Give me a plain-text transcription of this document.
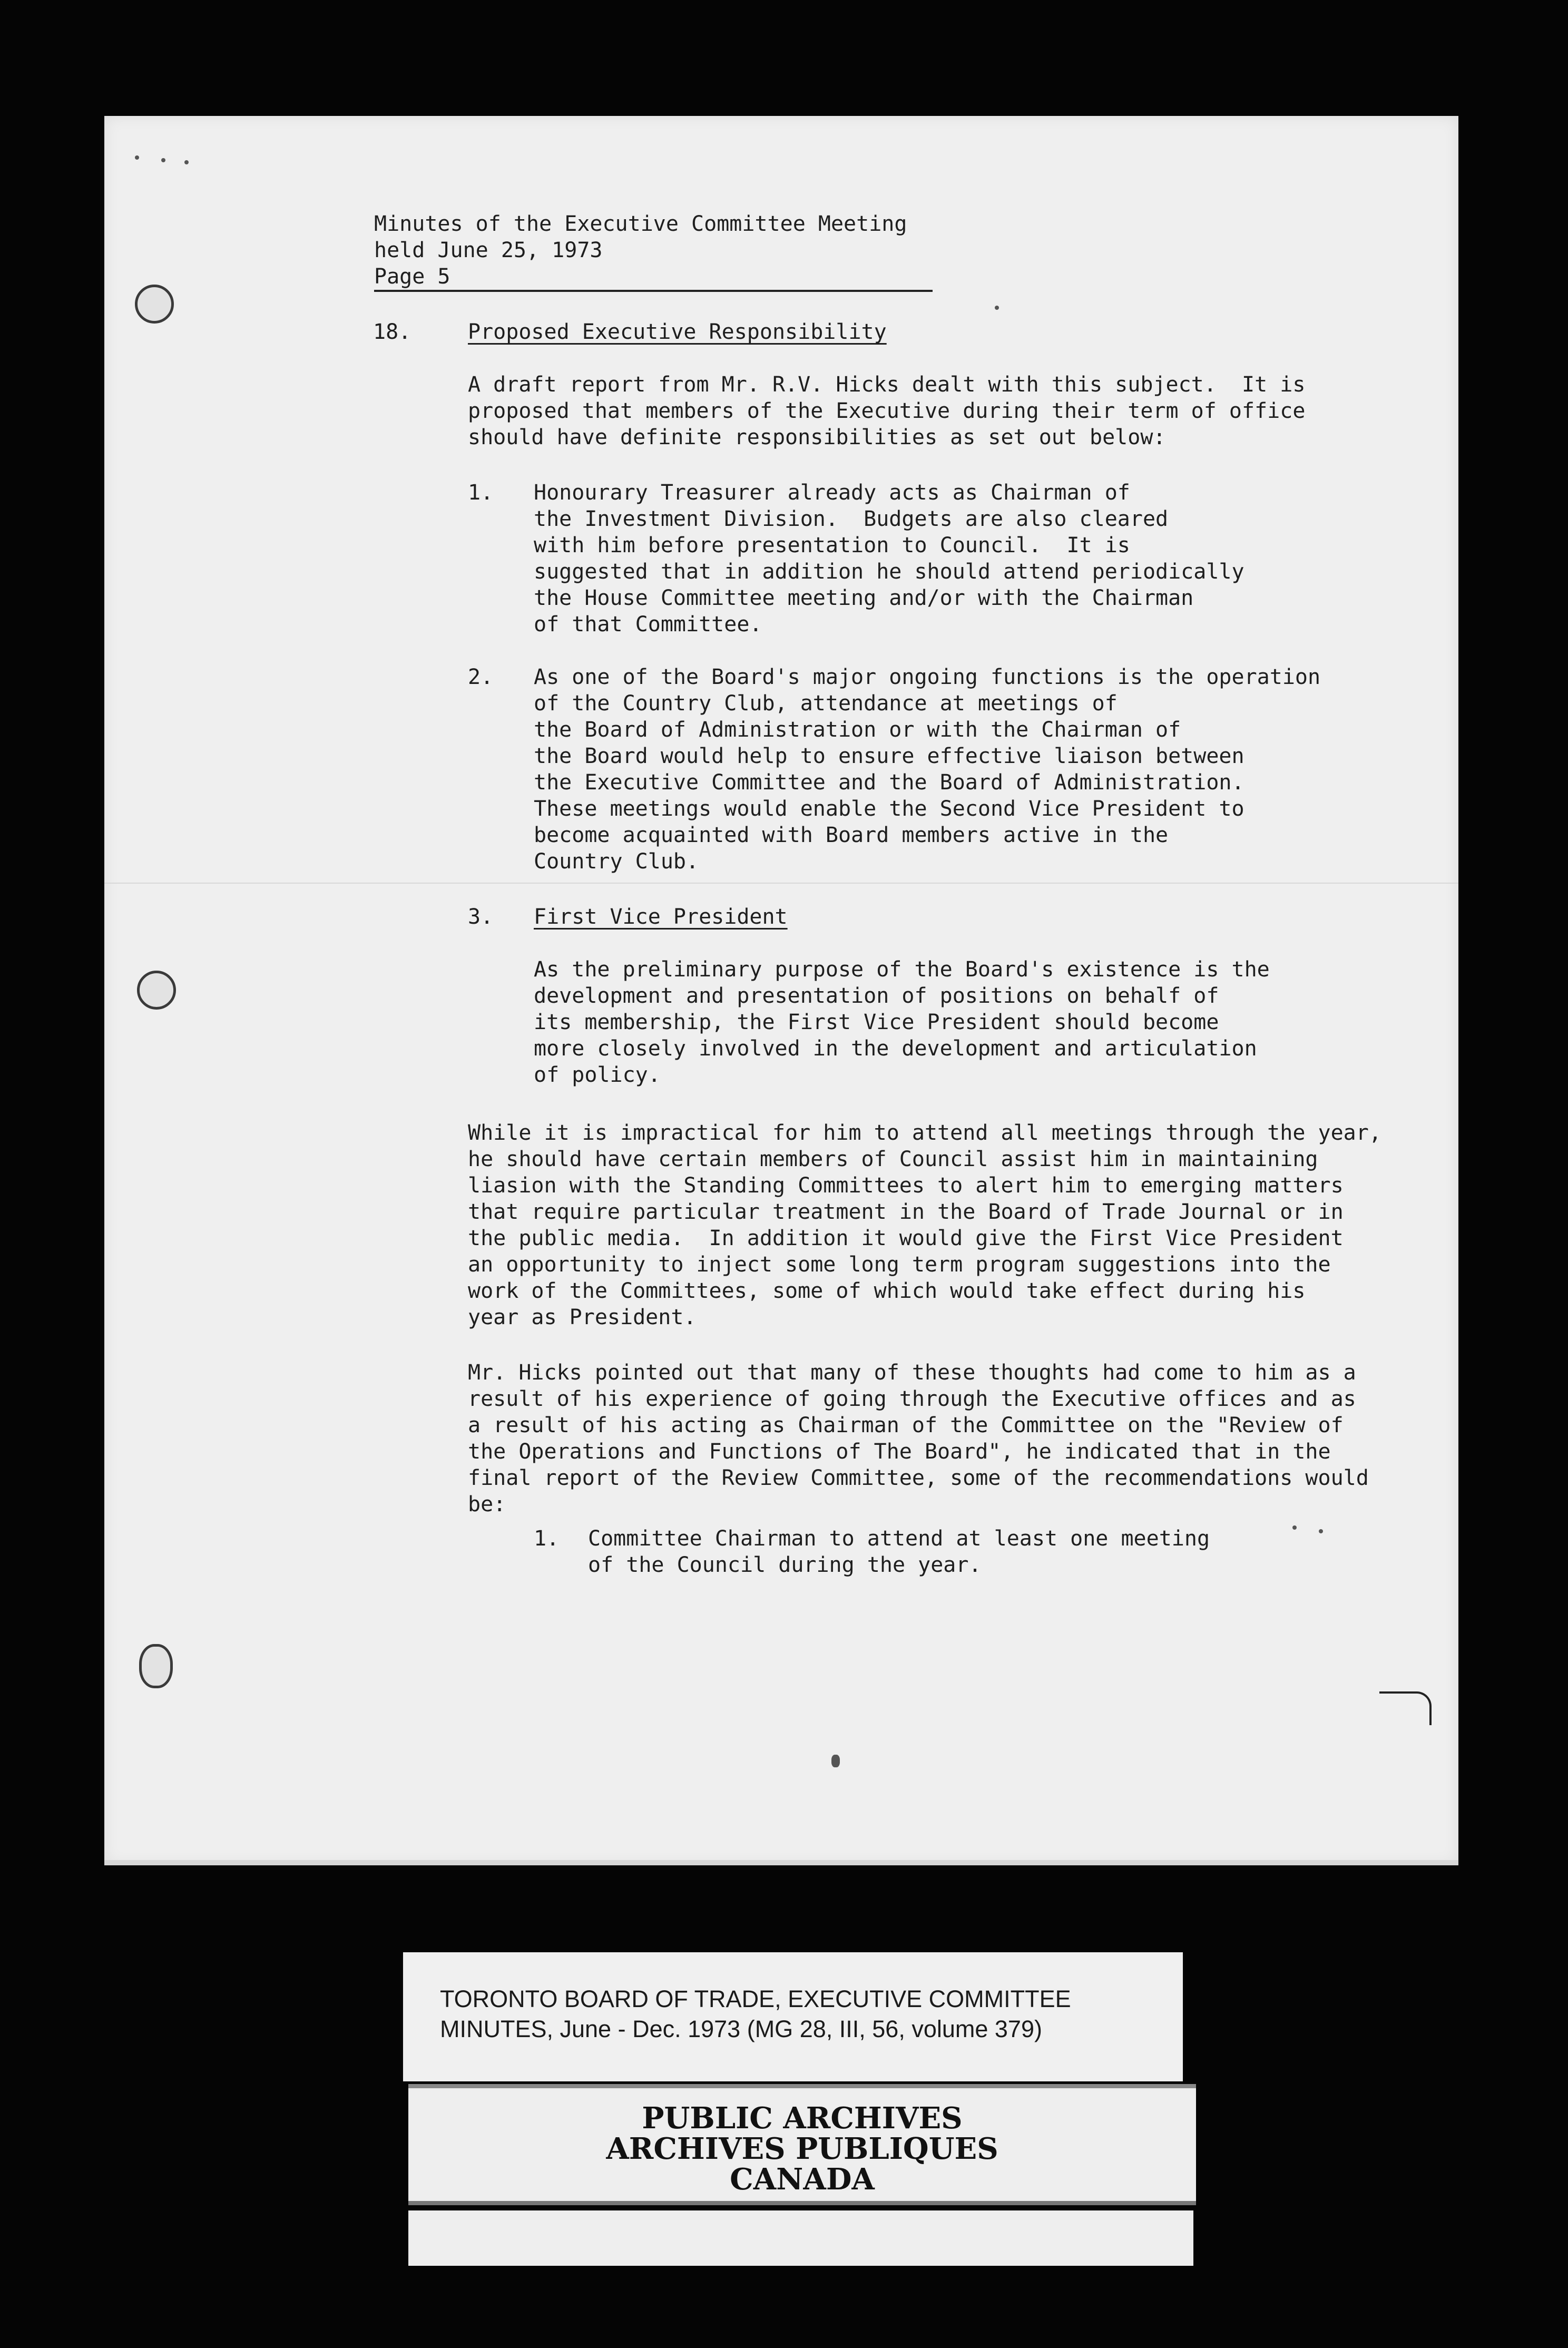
Minutes of the Executive Committee Meeting
held June 25, 1973
Page 5
18.	Proposed Executive Responsibility
A draft report from Mr. R.V. Hicks dealt with this subject.  It is
proposed that members of the Executive during their term of office
should have definite responsibilities as set out below:
1. Honourary Treasurer already acts as Chairman of
the Investment Division.  Budgets are also cleared
with him before presentation to Council.  It is
suggested that in addition he should attend periodically
the House Committee meeting and/or with the Chairman
of that Committee.
2. As one of the Board's major ongoing functions is the operation
of the Country Club, attendance at meetings of
the Board of Administration or with the Chairman of
the Board would help to ensure effective liaison between
the Executive Committee and the Board of Administration.
These meetings would enable the Second Vice President to
become acquainted with Board members active in the
Country Club.
3. First Vice President
As the preliminary purpose of the Board's existence is the
development and presentation of positions on behalf of
its membership, the First Vice President should become
more closely involved in the development and articulation
of policy.
While it is impractical for him to attend all meetings through the year,
he should have certain members of Council assist him in maintaining
liasion with the Standing Committees to alert him to emerging matters
that require particular treatment in the Board of Trade Journal or in
the public media.  In addition it would give the First Vice President
an opportunity to inject some long term program suggestions into the
work of the Committees, some of which would take effect during his
year as President.
Mr. Hicks pointed out that many of these thoughts had come to him as a
result of his experience of going through the Executive offices and as
a result of his acting as Chairman of the Committee on the "Review of
the Operations and Functions of The Board", he indicated that in the
final report of the Review Committee, some of the recommendations would
be:
1. Committee Chairman to attend at least one meeting
of the Council during the year.
TORONTO BOARD OF TRADE, EXECUTIVE COMMITTEE
MINUTES, June - Dec. 1973 (MG 28, III, 56, volume 379)
PUBLIC ARCHIVES
ARCHIVES PUBLIQUES
CANADA
